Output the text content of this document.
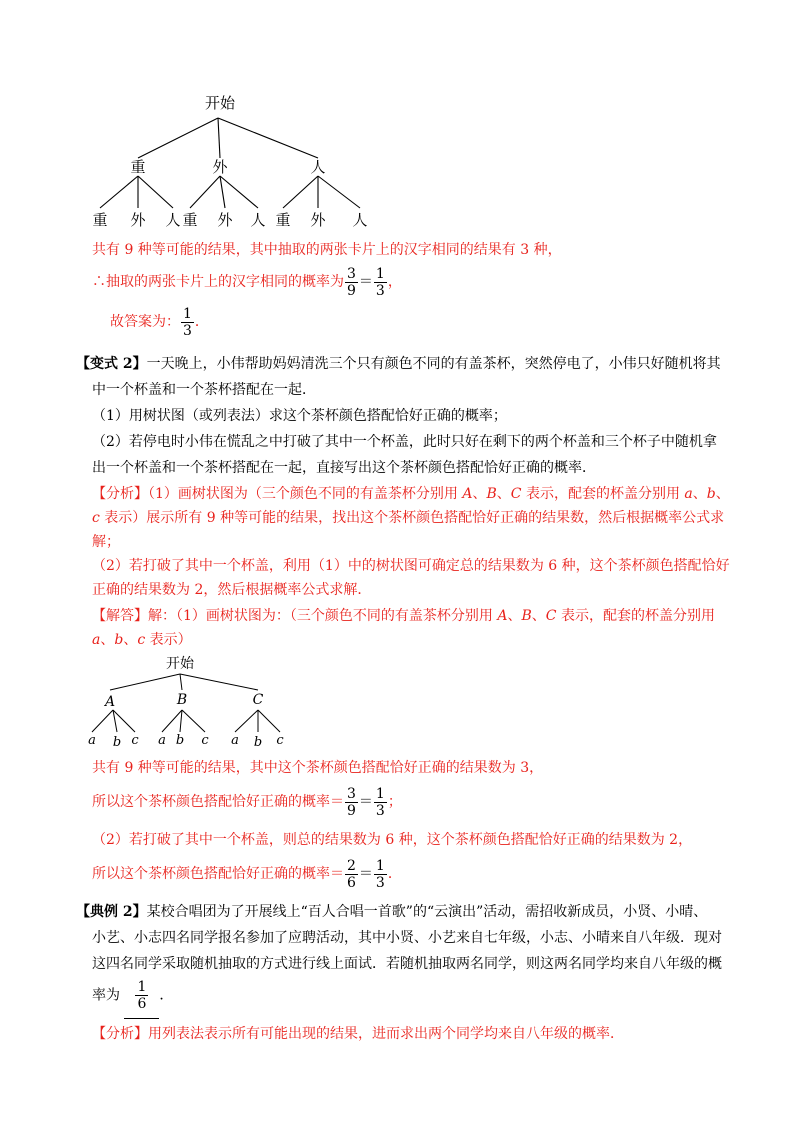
开始
重	外	人
重 外 人 重 外 人 重 外 人
共有 9 种等可能的结果，其中抽取的两张卡片上的汉字相同的结果有 3 种，
∴抽取的两张卡片上的汉字相同的概率为 $\frac{3}{9} = \frac{1}{3}$ ，
故答案为： $\frac{1}{3}$ ．
【变式 2】一天晚上，小伟帮助妈妈清洗三个只有颜色不同的有盖茶杯，突然停电了，小伟只好随机将其
中一个杯盖和一个茶杯搭配在一起．
（1）用树状图（或列表法）求这个茶杯颜色搭配恰好正确的概率；
（2）若停电时小伟在慌乱之中打破了其中一个杯盖，此时只好在剩下的两个杯盖和三个杯子中随机拿
出一个杯盖和一个茶杯搭配在一起，直接写出这个茶杯颜色搭配恰好正确的概率．
【分析】（1）画树状图为（三个颜色不同的有盖茶杯分别用 A、B、C 表示，配套的杯盖分别用 a、b、
c 表示）展示所有 9 种等可能的结果，找出这个茶杯颜色搭配恰好正确的结果数，然后根据概率公式求
解；
（2）若打破了其中一个杯盖，利用（1）中的树状图可确定总的结果数为 6 种，这个茶杯颜色搭配恰好
正确的结果数为 2，然后根据概率公式求解．
【解答】解：（1）画树状图为：（三个颜色不同的有盖茶杯分别用 A、B、C 表示，配套的杯盖分别用
a、b、c 表示）
开始
A	B	C
a b c a b c a b c
共有 9 种等可能的结果，其中这个茶杯颜色搭配恰好正确的结果数为 3，
所以这个茶杯颜色搭配恰好正确的概率＝ $\frac{3}{9} = \frac{1}{3}$ ；
（2）若打破了其中一个杯盖，则总的结果数为 6 种，这个茶杯颜色搭配恰好正确的结果数为 2，
所以这个茶杯颜色搭配恰好正确的概率＝ $\frac{2}{6} = \frac{1}{3}$ ．
【典例 2】某校合唱团为了开展线上“百人合唱一首歌”的“云演出”活动，需招收新成员，小贤、小晴、
小艺、小志四名同学报名参加了应聘活动，其中小贤、小艺来自七年级，小志、小晴来自八年级．现对
这四名同学采取随机抽取的方式进行线上面试．若随机抽取两名同学，则这两名同学均来自八年级的概
率为 $\frac{1}{6}$ ．
【分析】用列表法表示所有可能出现的结果，进而求出两个同学均来自八年级的概率．
